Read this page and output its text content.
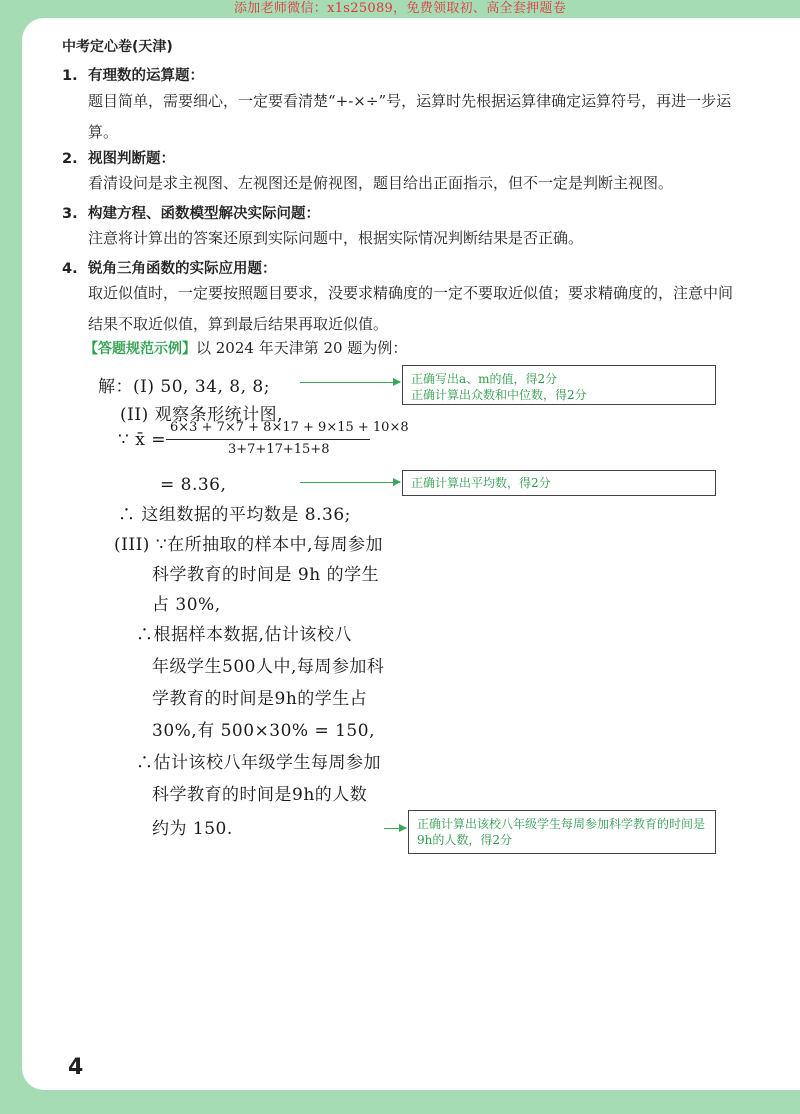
添加老师微信：x1s25089，免费领取初、高全套押题卷
中考定心卷(天津)
1. 有理数的运算题：
题目简单，需要细心，一定要看清楚“+-×÷”号，运算时先根据运算律确定运算符号，再进一步运算。
2. 视图判断题：
看清设问是求主视图、左视图还是俯视图，题目给出正面指示，但不一定是判断主视图。
3. 构建方程、函数模型解决实际问题：
注意将计算出的答案还原到实际问题中，根据实际情况判断结果是否正确。
4. 锐角三角函数的实际应用题：
取近似值时，一定要按照题目要求，没要求精确度的一定不要取近似值；要求精确度的，注意中间结果不取近似值，算到最后结果再取近似值。
【答题规范示例】以 2024 年天津第 20 题为例：
解：(I) 50, 34, 8, 8;
(II) 观察条形统计图,
∵ x̄ =
6×3 + 7×7 + 8×17 + 9×15 + 10×8
3+7+17+15+8
= 8.36,
∴ 这组数据的平均数是 8.36;
(III) ∵在所抽取的样本中,每周参加
科学教育的时间是 9h 的学生
占 30%,
∴根据样本数据,估计该校八
年级学生500人中,每周参加科
学教育的时间是9h的学生占
30%,有 500×30% = 150,
∴估计该校八年级学生每周参加
科学教育的时间是9h的人数
约为 150.
正确写出a、m的值，得2分
正确计算出众数和中位数，得2分
正确计算出平均数，得2分
正确计算出该校八年级学生每周参加科学教育的时间是9h的人数，得2分
4
